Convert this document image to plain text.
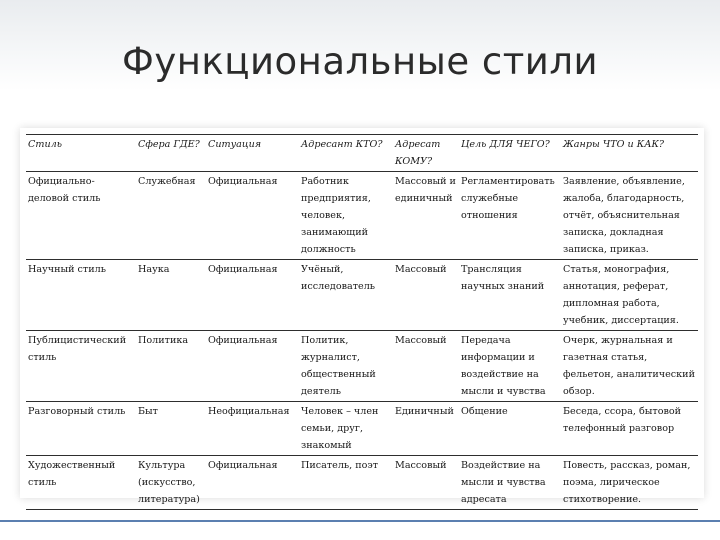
Функциональные стили
Стиль	Сфера ГДЕ?	Ситуация	Адресант КТО?	Адресат КОМУ?	Цель ДЛЯ ЧЕГО?	Жанры ЧТО и КАК?
Официально-деловой стиль	Служебная	Официальная	Работник предприятия, человек, занимающий должность	Массовый и единичный	Регламентировать служебные отношения	Заявление, объявление, жалоба, благодарность, отчёт, объяснительная записка, докладная записка, приказ.
Научный стиль	Наука	Официальная	Учёный, исследователь	Массовый	Трансляция научных знаний	Статья, монография, аннотация, реферат, дипломная работа, учебник, диссертация.
Публицистический стиль	Политика	Официальная	Политик, журналист, общественный деятель	Массовый	Передача информации и воздействие на мысли и чувства	Очерк, журнальная и газетная статья, фельетон, аналитический обзор.
Разговорный стиль	Быт	Неофициальная	Человек – член семьи, друг, знакомый	Единичный	Общение	Беседа, ссора, бытовой телефонный разговор
Художественный стиль	Культура (искусство, литература)	Официальная	Писатель, поэт	Массовый	Воздействие на мысли и чувства адресата	Повесть, рассказ, роман, поэма, лирическое стихотворение.
